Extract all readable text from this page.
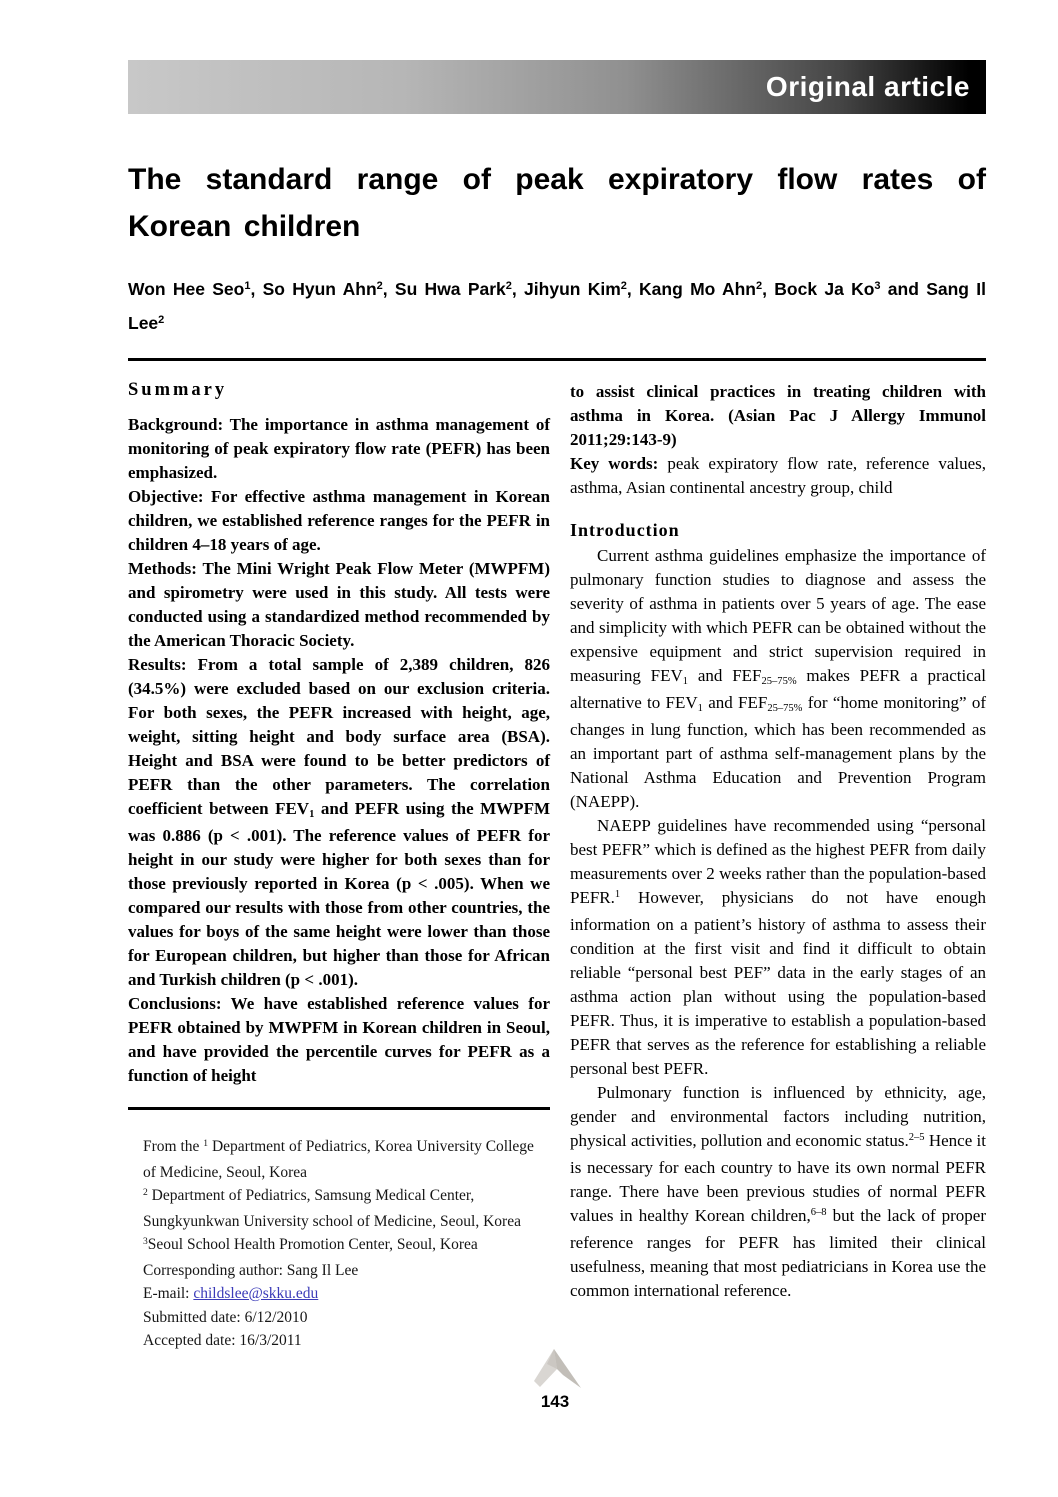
Original article
The standard range of peak expiratory flow rates of Korean children

Won Hee Seo$^1$, So Hyun Ahn$^2$, Su Hwa Park$^2$, Jihyun Kim$^2$, Kang Mo Ahn$^2$, Bock Ja Ko$^3$ and Sang Il Lee$^2$

Summary

Background: The importance in asthma management of monitoring of peak expiratory flow rate (PEFR) has been emphasized.

Objective: For effective asthma management in Korean children, we established reference ranges for the PEFR in children 4–18 years of age.

Methods: The Mini Wright Peak Flow Meter (MWPFM) and spirometry were used in this study. All tests were conducted using a standardized method recommended by the American Thoracic Society.

Results: From a total sample of 2,389 children, 826 (34.5%) were excluded based on our exclusion criteria. For both sexes, the PEFR increased with height, age, weight, sitting height and body surface area (BSA). Height and BSA were found to be better predictors of PEFR than the other parameters. The correlation coefficient between $FEV_1$ and PEFR using the MWPFM was 0.886 (p < .001). The reference values of PEFR for height in our study were higher for both sexes than for those previously reported in Korea (p < .005). When we compared our results with those from other countries, the values for boys of the same height were lower than those for European children, but higher than those for African and Turkish children (p < .001).

Conclusions: We have established reference values for PEFR obtained by MWPFM in Korean children in Seoul, and have provided the percentile curves for PEFR as a function of height

From the $^1$ Department of Pediatrics, Korea University College of Medicine, Seoul, Korea

$^2$ Department of Pediatrics, Samsung Medical Center, Sungkyunkwan University school of Medicine, Seoul, Korea

$^3$Seoul School Health Promotion Center, Seoul, Korea

Corresponding author: Sang Il Lee

E-mail: childslee@skku.edu

Submitted date: 6/12/2010

Accepted date: 16/3/2011

to assist clinical practices in treating children with asthma in Korea. (Asian Pac J Allergy Immunol 2011;29:143-9)

Key words: peak expiratory flow rate, reference values, asthma, Asian continental ancestry group, child

Introduction

Current asthma guidelines emphasize the importance of pulmonary function studies to diagnose and assess the severity of asthma in patients over 5 years of age. The ease and simplicity with which PEFR can be obtained without the expensive equipment and strict supervision required in measuring $FEV_1$ and $FEF_{25-75\%}$ makes PEFR a practical alternative to $FEV_1$ and $FEF_{25-75\%}$ for “home monitoring” of changes in lung function, which has been recommended as an important part of asthma self-management plans by the National Asthma Education and Prevention Program (NAEPP).

NAEPP guidelines have recommended using “personal best PEFR” which is defined as the highest PEFR from daily measurements over 2 weeks rather than the population-based PEFR.$^1$ However, physicians do not have enough information on a patient’s history of asthma to assess their condition at the first visit and find it difficult to obtain reliable “personal best PEF” data in the early stages of an asthma action plan without using the population-based PEFR. Thus, it is imperative to establish a population-based PEFR that serves as the reference for establishing a reliable personal best PEFR.

Pulmonary function is influenced by ethnicity, age, gender and environmental factors including nutrition, physical activities, pollution and economic status.$^{2-5}$ Hence it is necessary for each country to have its own normal PEFR range. There have been previous studies of normal PEFR values in healthy Korean children,$^{6-8}$ but the lack of proper reference ranges for PEFR has limited their clinical usefulness, meaning that most pediatricians in Korea use the common international reference.

143
